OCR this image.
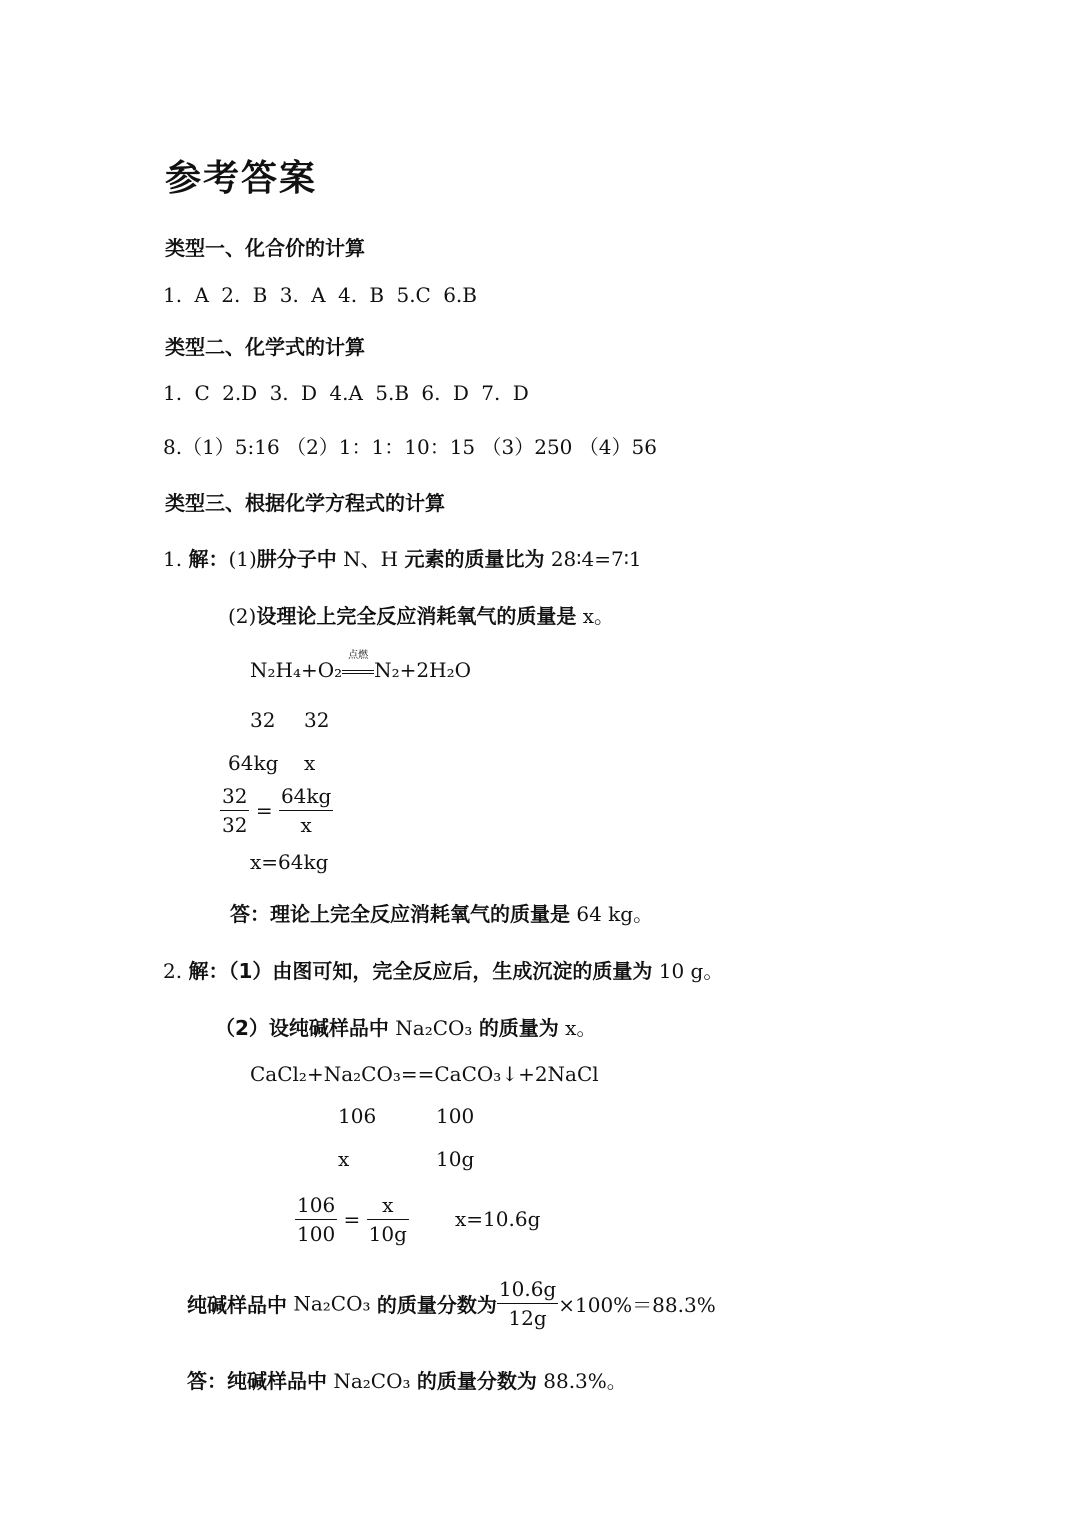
参考答案
类型一、化合价的计算
1. A 2. B 3. A 4. B 5.C 6.B
类型二、化学式的计算
1. C 2.D 3. D 4.A 5.B 6. D 7. D
8.（1）5:16 （2）1：1：10：15 （3）250 （4）56
类型三、根据化学方程式的计算
1. 解：(1)肼分子中 N、H 元素的质量比为 28∶4=7∶1
(2)设理论上完全反应消耗氧气的质量是 x。
N₂H₄+O₂
点燃
N₂+2H₂O
32 32
64kg x
$\frac{32}{32} = \frac{64kg}{x}$
x=64kg
答：理论上完全反应消耗氧气的质量是 64 kg。
2. 解：（1）由图可知，完全反应后，生成沉淀的质量为 10 g。
（2）设纯碱样品中 Na₂CO₃ 的质量为 x。
CaCl₂+Na₂CO₃==CaCO₃↓+2NaCl
106	100
x	10g
$\frac{106}{100} = \frac{x}{10g} x=10.6g$
纯碱样品中 Na₂CO₃ 的质量分数为 $\frac{10.6g}{12g} \times 100\%=88.3\%$
答：纯碱样品中 Na₂CO₃ 的质量分数为 88.3%。
